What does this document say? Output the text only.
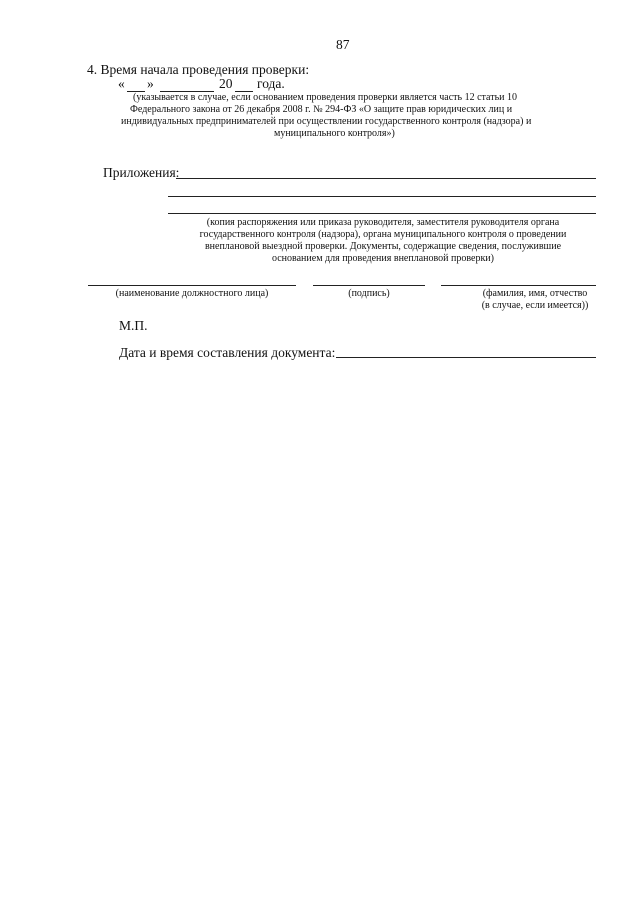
87
4. Время начала проведения проверки:
« »	20 года.
(указывается в случае, если основанием проведения проверки является часть 12 статьи 10
Федерального закона от 26 декабря 2008 г. № 294-ФЗ «О защите прав юридических лиц и
индивидуальных предпринимателей при осуществлении государственного контроля (надзора) и
муниципального контроля»)
Приложения:
(копия распоряжения или приказа руководителя, заместителя руководителя органа
государственного контроля (надзора), органа муниципального контроля о проведении
внеплановой выездной проверки. Документы, содержащие сведения, послужившие
основанием для проведения внеплановой проверки)
(наименование должностного лица)	(подпись)	(фамилия, имя, отчество
(в случае, если имеется))
М.П.
Дата и время составления документа:
